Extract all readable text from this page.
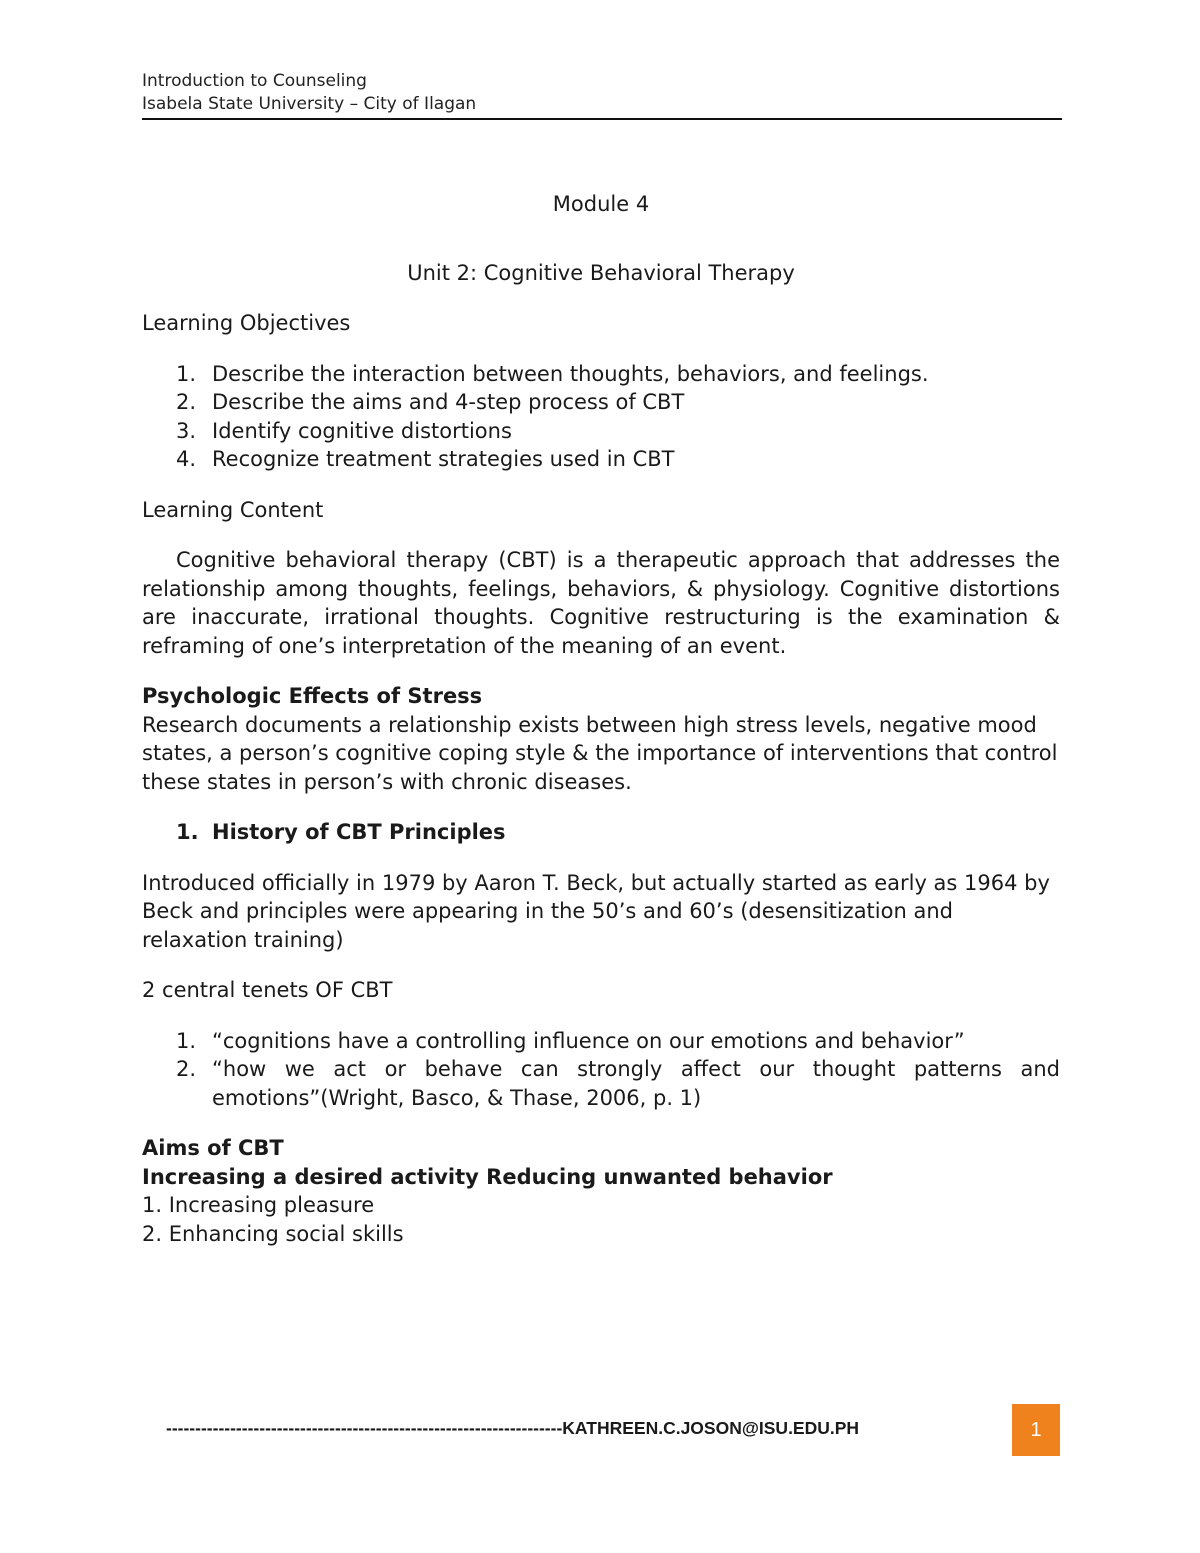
Introduction to Counseling
Isabela State University – City of Ilagan
Module 4
Unit 2: Cognitive Behavioral Therapy
Learning Objectives
1. Describe the interaction between thoughts, behaviors, and feelings.
2. Describe the aims and 4-step process of CBT
3. Identify cognitive distortions
4. Recognize treatment strategies used in CBT
Learning Content

Cognitive behavioral therapy (CBT) is a therapeutic approach that addresses the relationship among thoughts, feelings, behaviors, & physiology. Cognitive distortions are inaccurate, irrational thoughts. Cognitive restructuring is the examination & reframing of one’s interpretation of the meaning of an event.

Psychologic Effects of Stress

Research documents a relationship exists between high stress levels, negative mood states, a person’s cognitive coping style & the importance of interventions that control these states in person’s with chronic diseases.

1. History of CBT Principles

Introduced officially in 1979 by Aaron T. Beck, but actually started as early as 1964 by Beck and principles were appearing in the 50’s and 60’s (desensitization and relaxation training)

2 central tenets OF CBT
1. “cognitions have a controlling influence on our emotions and behavior”
2. “how we act or behave can strongly affect our thought patterns and emotions”(Wright, Basco, & Thase, 2006, p. 1)
Aims of CBT
Increasing a desired activity Reducing unwanted behavior
1. Increasing pleasure
2. Enhancing social skills
--------------------------------------------------------------------KATHREEN.C.JOSON@ISU.EDU.PH	1
